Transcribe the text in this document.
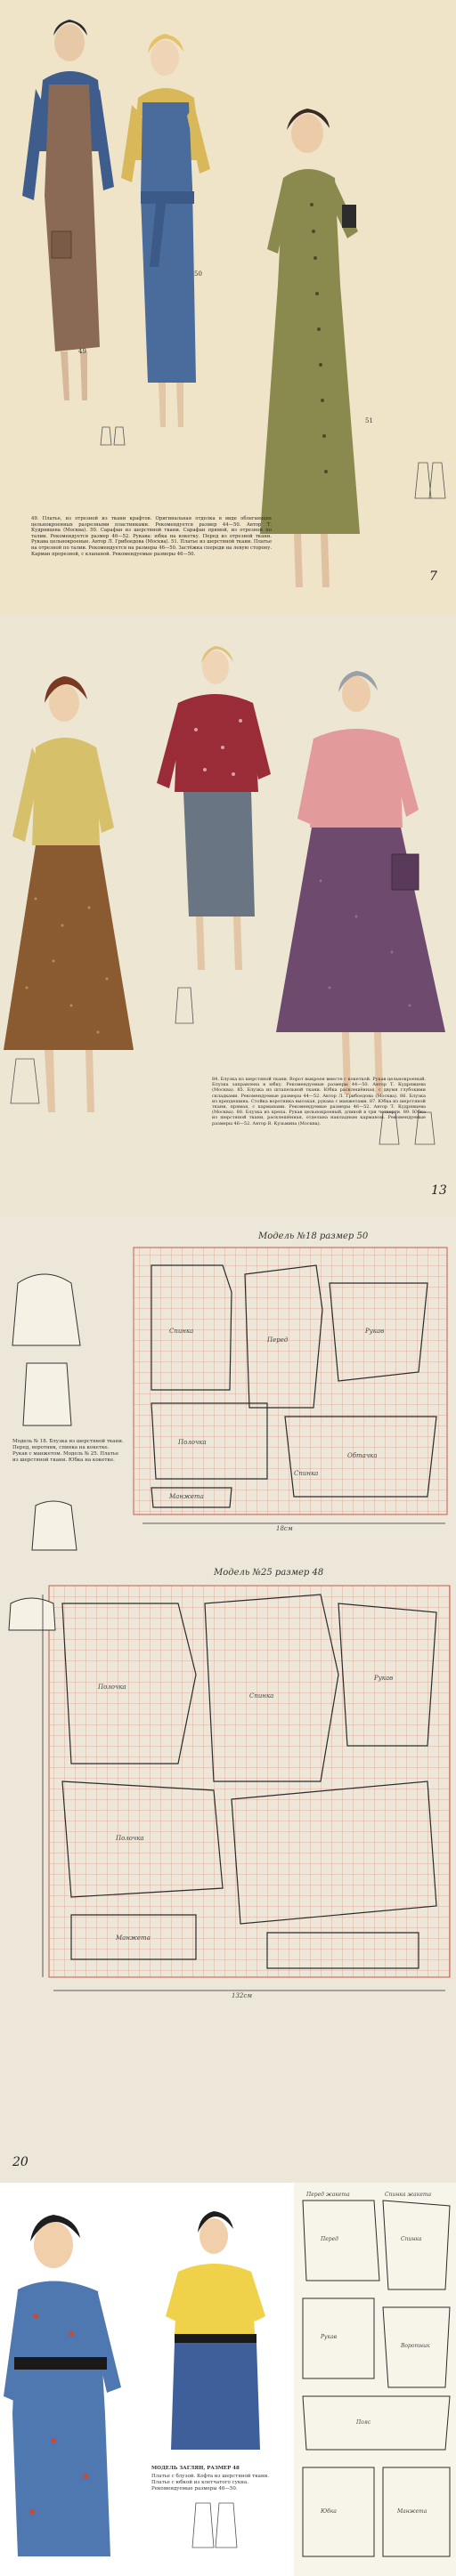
49. Платье, из отрезной из ткани крафтов. Оригинальная отделка в виде облегающих цельнокроенных разрезными пластинками. Рекомендуется размер 44—50. Автор Т. Кудрявцева (Москва). 50. Сарафан из шерстяной ткани. Сарафан прямой, из отрезной по талии. Рекомендуется размер 46—52. Рукава: юбка на кокетку. Перед из отрезной ткани. Рукава цельнокроеные. Автор Л. Грибоедова (Москва). 51. Платье из шерстяной ткани. Платье на отрезной по талии. Рекомендуется на размеры 46—50. Застёжка спереди на левую сторону. Карман прорезной, с клапаной. Рекомендуемые размеры 46—50.
7
49
50
51
84. Блузка из шерстяной ткани. Ворот выкроен вместе с кокеткой. Рукав цельнокроеный. Блузка заправлена в юбку. Рекомендуемые размеры 44—50. Автор Т. Кудрявцева (Москва). 85. Блузка из штапельной ткани. Юбка расклешённая, с двумя глубокими складками. Рекомендуемые размеры 44—52. Автор Л. Грибоедова (Москва). 86. Блузка из крепдешина. Стойка воротника высокая, рукава с манжетами. 87. Юбка из шерстяной ткани, прямая, с карманами. Рекомендуемые размеры 46—52. Автор Т. Кудрявцева (Москва). 88. Блузка из крепа. Рукав цельнокроеный, длиной в три четверти. 89. Юбка из шерстяной ткани, расклешённая, отделана накладным карманом. Рекомендуемые размеры 46—52. Автор В. Кузьмина (Москва).
13
Модель №18 размер 50
Модель №25 размер 48
Модель № 18. Блузка из шерстяной ткани. Перед, воротник, спинка на кокетке. Рукав с манжетом. Модель № 25. Платье из шерстяной ткани. Юбка на кокетке.
20
Спинка
Перед
Рукав
Полочка
Обтачка
Манжета
Спинка
18см
Полочка
Спинка
Рукав
Полочка
Манжета
132см
МОДЕЛЬ ЗАГЛЯН, РАЗМЕР 48
Платье с блузой. Кофта из шерстяной ткани. Платье с юбкой из клетчатого сукна. Рекомендуемые размеры 46—50.
Перед	Спинка
Рукав
Воротник
Пояс
Юбка	Манжета
Спинка жакета
Перед жакета
